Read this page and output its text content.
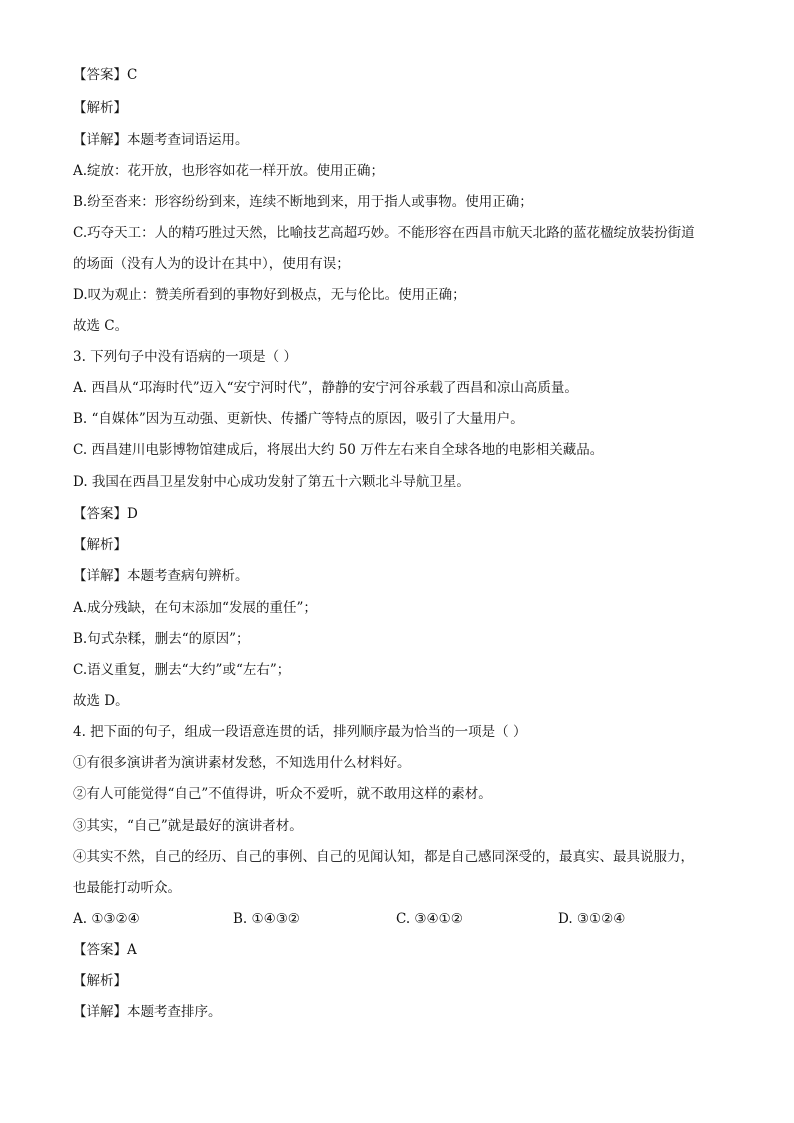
【答案】C
【解析】
【详解】本题考查词语运用。
A.绽放：花开放，也形容如花一样开放。使用正确；
B.纷至沓来：形容纷纷到来，连续不断地到来，用于指人或事物。使用正确；
C.巧夺天工：人的精巧胜过天然，比喻技艺高超巧妙。不能形容在西昌市航天北路的蓝花楹绽放装扮街道
的场面（没有人为的设计在其中），使用有误；
D.叹为观止：赞美所看到的事物好到极点，无与伦比。使用正确；
故选 C。
3. 下列句子中没有语病的一项是（ ）
A. 西昌从“邛海时代”迈入“安宁河时代”，静静的安宁河谷承载了西昌和凉山高质量。
B. “自媒体”因为互动强、更新快、传播广等特点的原因，吸引了大量用户。
C. 西昌建川电影博物馆建成后，将展出大约 50 万件左右来自全球各地的电影相关藏品。
D. 我国在西昌卫星发射中心成功发射了第五十六颗北斗导航卫星。
【答案】D
【解析】
【详解】本题考查病句辨析。
A.成分残缺，在句末添加“发展的重任”；
B.句式杂糅，删去“的原因”；
C.语义重复，删去“大约”或“左右”；
故选 D。
4. 把下面的句子，组成一段语意连贯的话，排列顺序最为恰当的一项是（ ）
①有很多演讲者为演讲素材发愁，不知选用什么材料好。
②有人可能觉得“自己”不值得讲，听众不爱听，就不敢用这样的素材。
③其实，“自己”就是最好的演讲者材。
④其实不然，自己的经历、自己的事例、自己的见闻认知，都是自己感同深受的，最真实、最具说服力，
也最能打动听众。
A. ①③②④	B. ①④③②	C. ③④①②	D. ③①②④
【答案】A
【解析】
【详解】本题考查排序。
